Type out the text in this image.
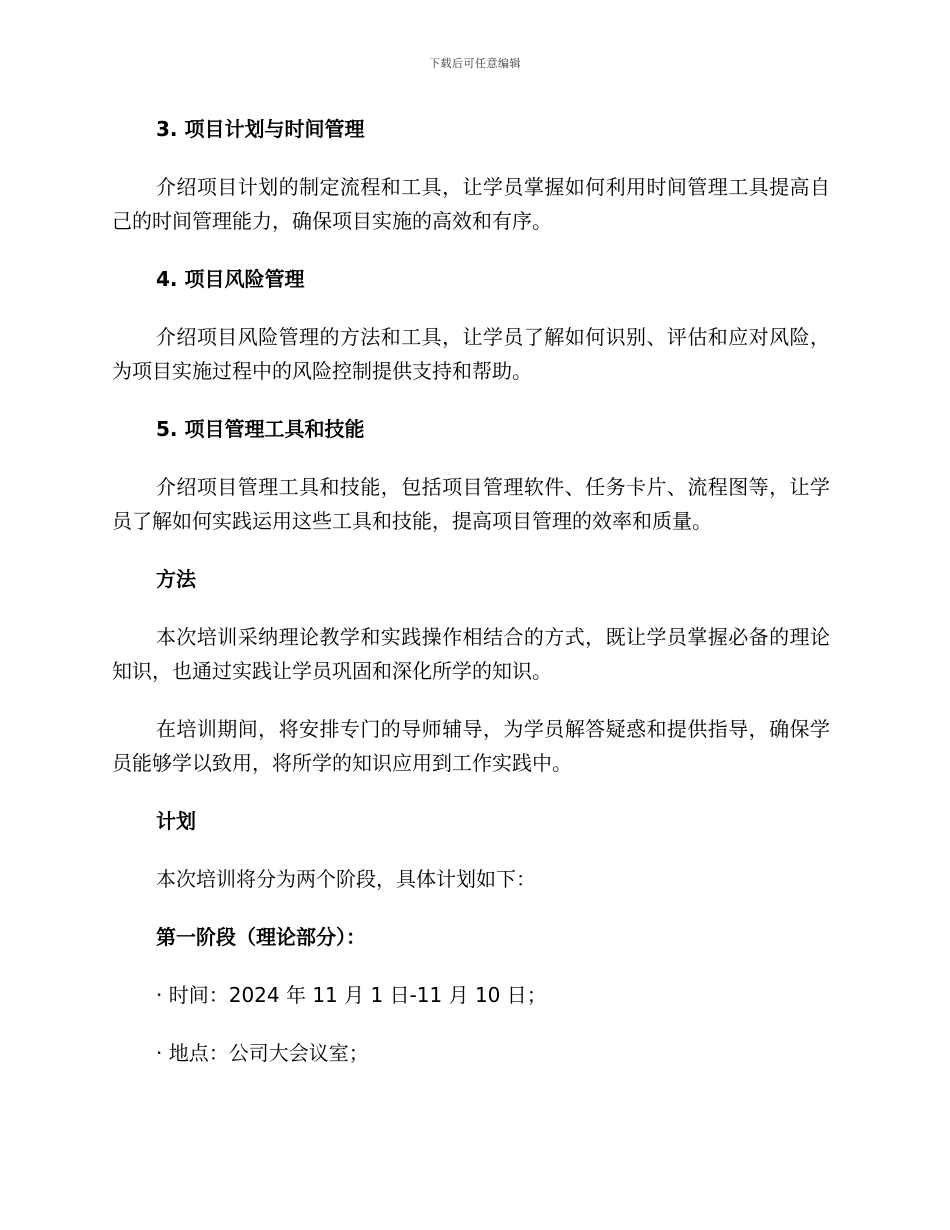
下载后可任意编辑

3. 项目计划与时间管理

介绍项目计划的制定流程和工具，让学员掌握如何利用时间管理工具提高自己的时间管理能力，确保项目实施的高效和有序。

4. 项目风险管理

介绍项目风险管理的方法和工具，让学员了解如何识别、评估和应对风险，为项目实施过程中的风险控制提供支持和帮助。

5. 项目管理工具和技能

介绍项目管理工具和技能，包括项目管理软件、任务卡片、流程图等，让学员了解如何实践运用这些工具和技能，提高项目管理的效率和质量。

方法

本次培训采纳理论教学和实践操作相结合的方式，既让学员掌握必备的理论知识，也通过实践让学员巩固和深化所学的知识。

在培训期间，将安排专门的导师辅导，为学员解答疑惑和提供指导，确保学员能够学以致用，将所学的知识应用到工作实践中。

计划

本次培训将分为两个阶段，具体计划如下：

第一阶段（理论部分）：

· 时间：2024 年 11 月 1 日-11 月 10 日；

· 地点：公司大会议室；
